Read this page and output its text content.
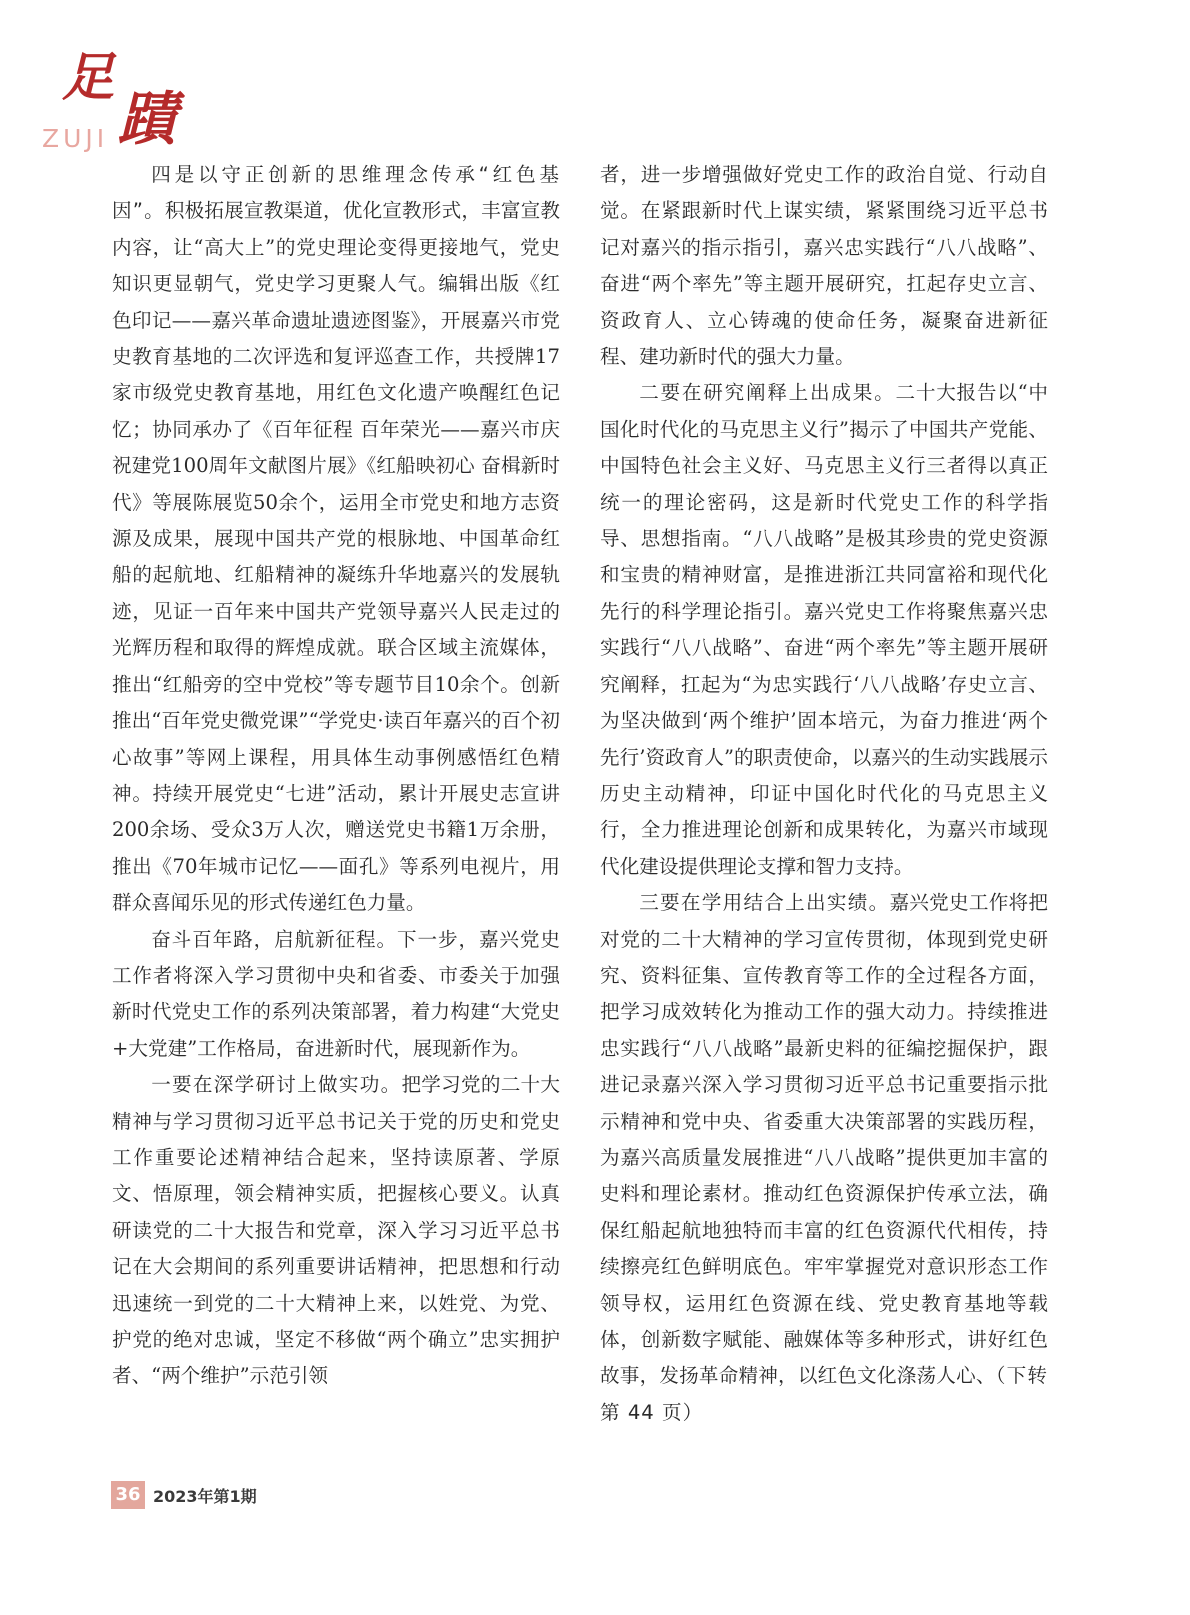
足
蹟
ZUJI

四是以守正创新的思维理念传承“红色基因”。积极拓展宣教渠道，优化宣教形式，丰富宣教内容，让“高大上”的党史理论变得更接地气，党史知识更显朝气，党史学习更聚人气。编辑出版《红色印记——嘉兴革命遗址遗迹图鉴》，开展嘉兴市党史教育基地的二次评选和复评巡查工作，共授牌17家市级党史教育基地，用红色文化遗产唤醒红色记忆；协同承办了《百年征程 百年荣光——嘉兴市庆祝建党100周年文献图片展》《红船映初心 奋楫新时代》等展陈展览50余个，运用全市党史和地方志资源及成果，展现中国共产党的根脉地、中国革命红船的起航地、红船精神的凝练升华地嘉兴的发展轨迹，见证一百年来中国共产党领导嘉兴人民走过的光辉历程和取得的辉煌成就。联合区域主流媒体，推出“红船旁的空中党校”等专题节目10余个。创新推出“百年党史微党课”“学党史·读百年嘉兴的百个初心故事”等网上课程，用具体生动事例感悟红色精神。持续开展党史“七进”活动，累计开展史志宣讲200余场、受众3万人次，赠送党史书籍1万余册，推出《70年城市记忆——面孔》等系列电视片，用群众喜闻乐见的形式传递红色力量。

奋斗百年路，启航新征程。下一步，嘉兴党史工作者将深入学习贯彻中央和省委、市委关于加强新时代党史工作的系列决策部署，着力构建“大党史+大党建”工作格局，奋进新时代，展现新作为。

一要在深学研讨上做实功。把学习党的二十大精神与学习贯彻习近平总书记关于党的历史和党史工作重要论述精神结合起来，坚持读原著、学原文、悟原理，领会精神实质，把握核心要义。认真研读党的二十大报告和党章，深入学习习近平总书记在大会期间的系列重要讲话精神，把思想和行动迅速统一到党的二十大精神上来，以姓党、为党、护党的绝对忠诚，坚定不移做“两个确立”忠实拥护者、“两个维护”示范引领

者，进一步增强做好党史工作的政治自觉、行动自觉。在紧跟新时代上谋实绩，紧紧围绕习近平总书记对嘉兴的指示指引，嘉兴忠实践行“八八战略”、奋进“两个率先”等主题开展研究，扛起存史立言、资政育人、立心铸魂的使命任务，凝聚奋进新征程、建功新时代的强大力量。

二要在研究阐释上出成果。二十大报告以“中国化时代化的马克思主义行”揭示了中国共产党能、中国特色社会主义好、马克思主义行三者得以真正统一的理论密码，这是新时代党史工作的科学指导、思想指南。“八八战略”是极其珍贵的党史资源和宝贵的精神财富，是推进浙江共同富裕和现代化先行的科学理论指引。嘉兴党史工作将聚焦嘉兴忠实践行“八八战略”、奋进“两个率先”等主题开展研究阐释，扛起为“为忠实践行‘八八战略’存史立言、为坚决做到‘两个维护’固本培元，为奋力推进‘两个先行’资政育人”的职责使命，以嘉兴的生动实践展示历史主动精神，印证中国化时代化的马克思主义行，全力推进理论创新和成果转化，为嘉兴市域现代化建设提供理论支撑和智力支持。

三要在学用结合上出实绩。嘉兴党史工作将把对党的二十大精神的学习宣传贯彻，体现到党史研究、资料征集、宣传教育等工作的全过程各方面，把学习成效转化为推动工作的强大动力。持续推进忠实践行“八八战略”最新史料的征编挖掘保护，跟进记录嘉兴深入学习贯彻习近平总书记重要指示批示精神和党中央、省委重大决策部署的实践历程，为嘉兴高质量发展推进“八八战略”提供更加丰富的史料和理论素材。推动红色资源保护传承立法，确保红船起航地独特而丰富的红色资源代代相传，持续擦亮红色鲜明底色。牢牢掌握党对意识形态工作领导权，运用红色资源在线、党史教育基地等载体，创新数字赋能、融媒体等多种形式，讲好红色故事，发扬革命精神，以红色文化涤荡人心、（下转第 44 页）

36 2023年第1期
